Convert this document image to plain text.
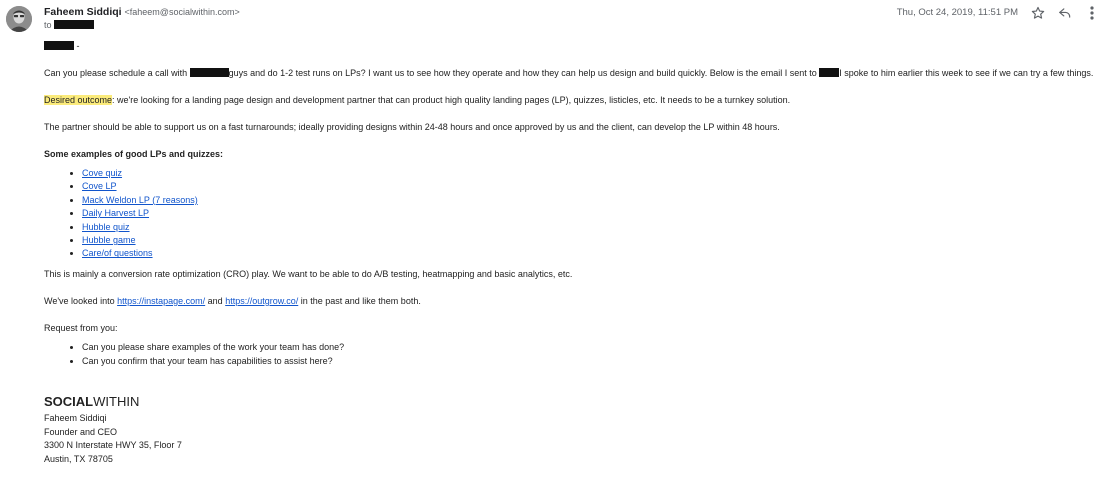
Faheem Siddiqi <faheem@socialwithin.com>
to
Thu, Oct 24, 2019, 11:51 PM

-

Can you please schedule a call with	guys and do 1-2 test runs on LPs? I want us to see how they operate and how they can help us design and build quickly. Below is the email I sent to I spoke to him earlier this week to see if we can try a few things.

Desired outcome: we're looking for a landing page design and development partner that can product high quality landing pages (LP), quizzes, listicles, etc. It needs to be a turnkey solution.

The partner should be able to support us on a fast turnarounds; ideally providing designs within 24-48 hours and once approved by us and the client, can develop the LP within 48 hours.

Some examples of good LPs and quizzes:

• Cove quiz
• Cove LP
• Mack Weldon LP (7 reasons)
• Daily Harvest LP
• Hubble quiz
• Hubble game
• Care/of questions

This is mainly a conversion rate optimization (CRO) play. We want to be able to do A/B testing, heatmapping and basic analytics, etc.

We've looked into https://instapage.com/ and https://outgrow.co/ in the past and like them both.

Request from you:

• Can you please share examples of the work your team has done?
• Can you confirm that your team has capabilities to assist here?
SOCIALWITHIN
Faheem Siddiqi
Founder and CEO
3300 N Interstate HWY 35, Floor 7
Austin, TX 78705
